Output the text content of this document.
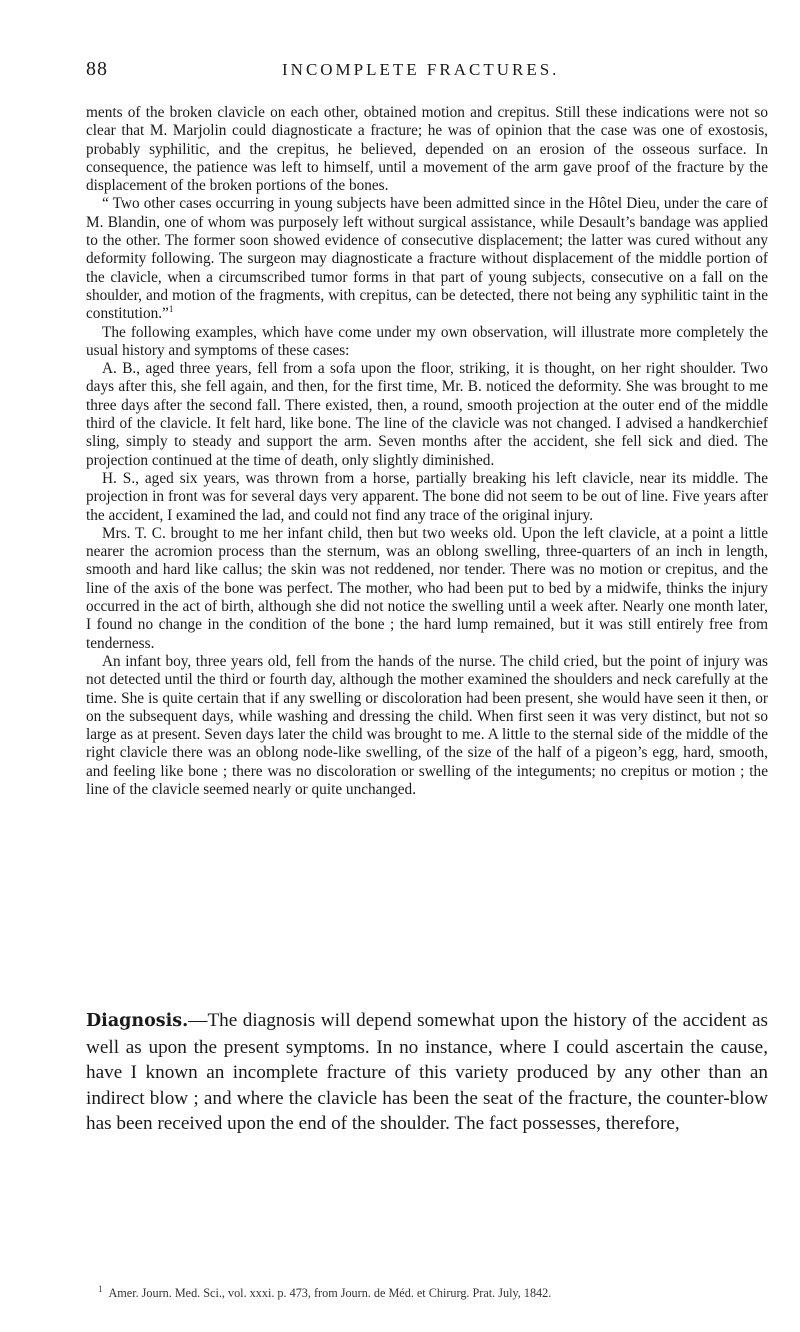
88	INCOMPLETE FRACTURES.

ments of the broken clavicle on each other, obtained motion and crepitus. Still these indications were not so clear that M. Marjolin could diagnosticate a fracture; he was of opinion that the case was one of exostosis, probably syphilitic, and the crepitus, he believed, depended on an erosion of the osseous surface. In consequence, the patience was left to himself, until a movement of the arm gave proof of the fracture by the displacement of the broken portions of the bones.

“ Two other cases occurring in young subjects have been admitted since in the Hôtel Dieu, under the care of M. Blandin, one of whom was purposely left without surgical assistance, while Desault’s bandage was applied to the other. The former soon showed evidence of consecutive displacement; the latter was cured without any deformity following. The surgeon may diagnosticate a fracture without displacement of the middle portion of the clavicle, when a circumscribed tumor forms in that part of young subjects, consecutive on a fall on the shoulder, and motion of the fragments, with crepitus, can be detected, there not being any syphilitic taint in the constitution.”$^1$

The following examples, which have come under my own observation, will illustrate more completely the usual history and symptoms of these cases:

A. B., aged three years, fell from a sofa upon the floor, striking, it is thought, on her right shoulder. Two days after this, she fell again, and then, for the first time, Mr. B. noticed the deformity. She was brought to me three days after the second fall. There existed, then, a round, smooth projection at the outer end of the middle third of the clavicle. It felt hard, like bone. The line of the clavicle was not changed. I advised a handkerchief sling, simply to steady and support the arm. Seven months after the accident, she fell sick and died. The projection continued at the time of death, only slightly diminished.

H. S., aged six years, was thrown from a horse, partially breaking his left clavicle, near its middle. The projection in front was for several days very apparent. The bone did not seem to be out of line. Five years after the accident, I examined the lad, and could not find any trace of the original injury.

Mrs. T. C. brought to me her infant child, then but two weeks old. Upon the left clavicle, at a point a little nearer the acromion process than the sternum, was an oblong swelling, three-quarters of an inch in length, smooth and hard like callus; the skin was not reddened, nor tender. There was no motion or crepitus, and the line of the axis of the bone was perfect. The mother, who had been put to bed by a midwife, thinks the injury occurred in the act of birth, although she did not notice the swelling until a week after. Nearly one month later, I found no change in the condition of the bone ; the hard lump remained, but it was still entirely free from tenderness.

An infant boy, three years old, fell from the hands of the nurse. The child cried, but the point of injury was not detected until the third or fourth day, although the mother examined the shoulders and neck carefully at the time. She is quite certain that if any swelling or discoloration had been present, she would have seen it then, or on the subsequent days, while washing and dressing the child. When first seen it was very distinct, but not so large as at present. Seven days later the child was brought to me. A little to the sternal side of the middle of the right clavicle there was an oblong node-like swelling, of the size of the half of a pigeon’s egg, hard, smooth, and feeling like bone ; there was no discoloration or swelling of the integuments; no crepitus or motion ; the line of the clavicle seemed nearly or quite unchanged.

Diagnosis.—The diagnosis will depend somewhat upon the history of the accident as well as upon the present symptoms. In no instance, where I could ascertain the cause, have I known an incomplete fracture of this variety produced by any other than an indirect blow ; and where the clavicle has been the seat of the fracture, the counter-blow has been received upon the end of the shoulder. The fact possesses, therefore,

$^1$ Amer. Journ. Med. Sci., vol. xxxi. p. 473, from Journ. de Méd. et Chirurg. Prat. July, 1842.
